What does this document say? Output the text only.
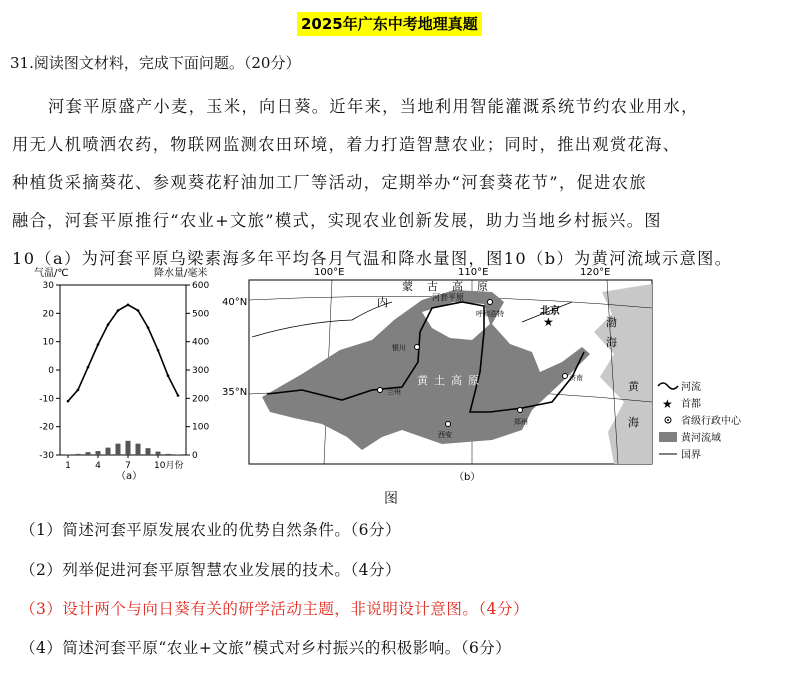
2025年广东中考地理真题
31.阅读图文材料，完成下面问题。（20分）

河套平原盛产小麦，玉米，向日葵。近年来，当地利用智能灌溉系统节约农业用水，

用无人机喷洒农药，物联网监测农田环境，着力打造智慧农业；同时，推出观赏花海、

种植货采摘葵花、参观葵花籽油加工厂等活动，定期举办“河套葵花节”，促进农旅

融合，河套平原推行“农业+文旅”模式，实现农业创新发展，助力当地乡村振兴。图

10（a）为河套平原乌梁素海多年平均各月气温和降水量图，图10（b）为黄河流域示意图。

气温/℃	降水量/毫米
30
20
10
0
-10
-20
-30
600
500
400
300
200
100
0
1	4	7	10月份
（a）
100°E	110°E	120°E
40°N
35°N
内
蒙 古 高 原
河套平原
黄 土 高 原
渤
海
黄
海
北京
★
呼和浩特
银川
兰州
西安
郑州
济南
河流
★ 首都
省级行政中心
黄河流域
国界
（b）
图
（1）简述河套平原发展农业的优势自然条件。（6分）
（2）列举促进河套平原智慧农业发展的技术。（4分）
（3）设计两个与向日葵有关的研学活动主题，非说明设计意图。（4分）
（4）简述河套平原“农业+文旅”模式对乡村振兴的积极影响。（6分）
